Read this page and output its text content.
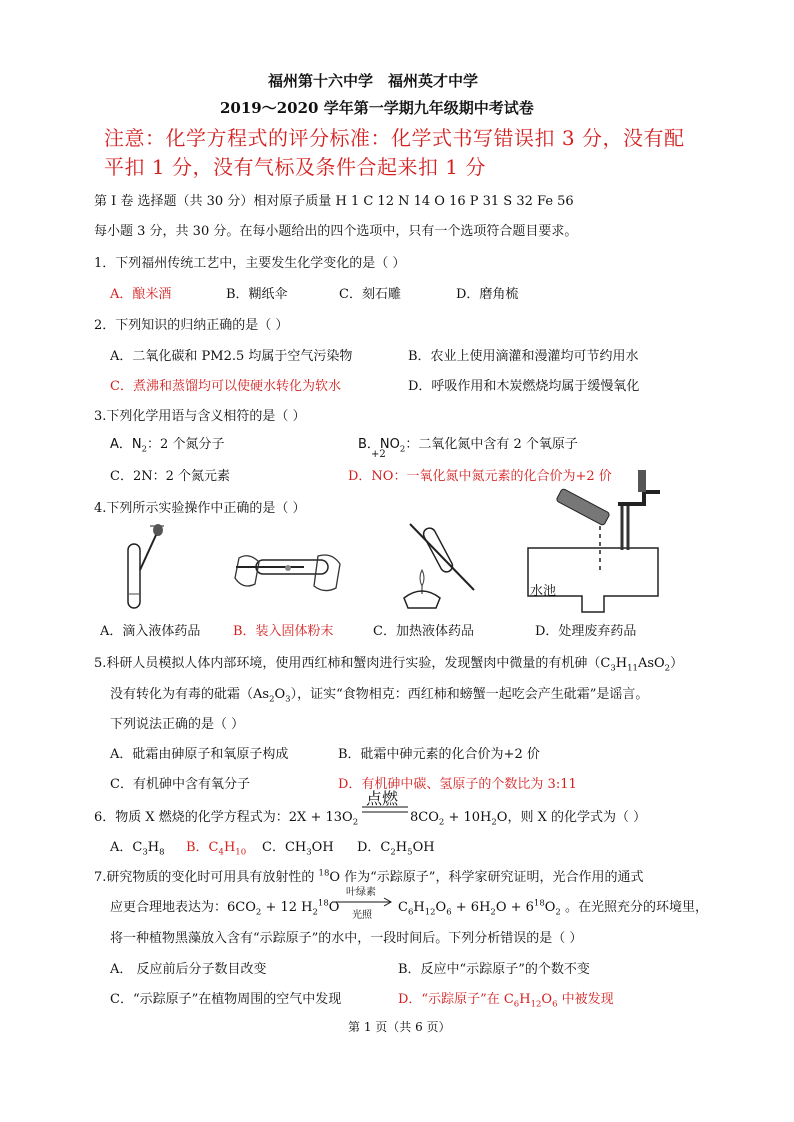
福州第十六中学　福州英才中学
2019～2020 学年第一学期九年级期中考试卷
注意：化学方程式的评分标准：化学式书写错误扣 3 分，没有配
平扣 1 分，没有气标及条件合起来扣 1 分
第 I 卷 选择题（共 30 分）相对原子质量 H 1 C 12 N 14 O 16 P 31 S 32 Fe 56
每小题 3 分，共 30 分。在每小题给出的四个选项中，只有一个选项符合题目要求。
1．下列福州传统工艺中，主要发生化学变化的是（ ）
A．酿米酒	B．糊纸伞	C．刻石雕	D．磨角梳
2．下列知识的归纳正确的是（ ）
A．二氧化碳和 PM2.5 均属于空气污染物	B．农业上使用滴灌和漫灌均可节约用水
C．煮沸和蒸馏均可以使硬水转化为软水	D．呼吸作用和木炭燃烧均属于缓慢氧化
3.下列化学用语与含义相符的是（ ）
A．$N_2$：2 个氮分子	B．$NO_2$：二氧化氮中含有 2 个氧原子
+2
C．2N：2 个氮元素	D．NO：一氧化氮中氮元素的化合价为+2 价
4.下列所示实验操作中正确的是（ ）
水池
A．滴入液体药品	B．装入固体粉末	C．加热液体药品	D．处理废弃药品
5.科研人员模拟人体内部环境，使用西红柿和蟹肉进行实验，发现蟹肉中微量的有机砷$(C_3H_{11}AsO_2)$
没有转化为有毒的砒霜$(As_2O_3)$，证实“食物相克：西红柿和螃蟹一起吃会产生砒霜”是谣言。
下列说法正确的是（ ）
A．砒霜由砷原子和氧原子构成	B．砒霜中砷元素的化合价为+2 价
C．有机砷中含有氧分子	D．有机砷中碳、氢原子的个数比为 3:11
6．物质 X 燃烧的化学方程式为：$2X + 13O_2$
点燃
$8CO_2 + 10H_2O$，则 X 的化学式为（ ）
A．$C_3H_8$ B．$C_4H_{10}$ C．$CH_3OH$ D．$C_2H_5OH$
7.研究物质的变化时可用具有放射性的 $^{18}$O 作为“示踪原子”，科学家研究证明，光合作用的通式
应更合理地表达为：$6CO_2 + 12$ $H_2^{18}O$
叶绿素
光照
$C_6H_{12}O_6 + 6H_2O + 6^{18}O_2$ 。在光照充分的环境里，
将一种植物黑藻放入含有“示踪原子”的水中，一段时间后。下列分析错误的是（ ）
A． 反应前后分子数目改变	B．反应中“示踪原子”的个数不变
C．“示踪原子”在植物周围的空气中发现	D．“示踪原子”在 $C_6H_{12}O_6$ 中被发现
第 1 页（共 6 页）
